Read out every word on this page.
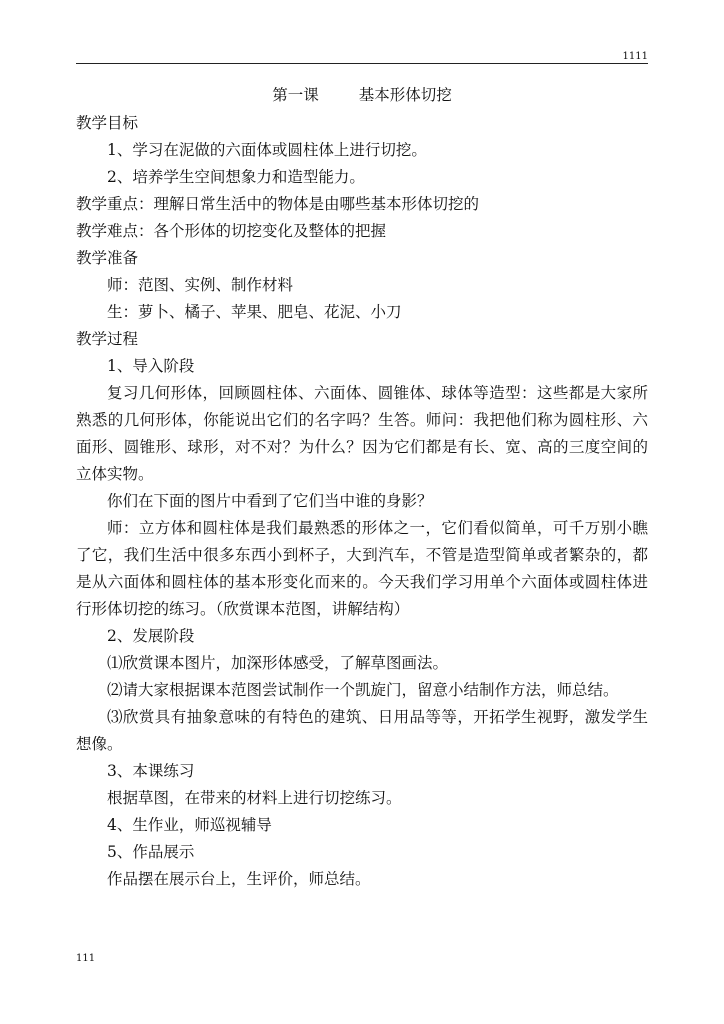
1111
第一课	基本形体切挖
教学目标
1、学习在泥做的六面体或圆柱体上进行切挖。
2、培养学生空间想象力和造型能力。
教学重点：理解日常生活中的物体是由哪些基本形体切挖的
教学难点：各个形体的切挖变化及整体的把握
教学准备
师：范图、实例、制作材料
生：萝卜、橘子、苹果、肥皂、花泥、小刀
教学过程
1、导入阶段
复习几何形体，回顾圆柱体、六面体、圆锥体、球体等造型：这些都是大家所熟悉的几何形体，你能说出它们的名字吗？生答。师问：我把他们称为圆柱形、六面形、圆锥形、球形，对不对？为什么？因为它们都是有长、宽、高的三度空间的立体实物。
你们在下面的图片中看到了它们当中谁的身影？
师：立方体和圆柱体是我们最熟悉的形体之一，它们看似简单，可千万别小瞧了它，我们生活中很多东西小到杯子，大到汽车，不管是造型简单或者繁杂的，都是从六面体和圆柱体的基本形变化而来的。今天我们学习用单个六面体或圆柱体进行形体切挖的练习。（欣赏课本范图，讲解结构）
2、发展阶段
⑴欣赏课本图片，加深形体感受，了解草图画法。
⑵请大家根据课本范图尝试制作一个凯旋门，留意小结制作方法，师总结。
⑶欣赏具有抽象意味的有特色的建筑、日用品等等，开拓学生视野，激发学生想像。
3、本课练习
根据草图，在带来的材料上进行切挖练习。
4、生作业，师巡视辅导
5、作品展示
作品摆在展示台上，生评价，师总结。
111
